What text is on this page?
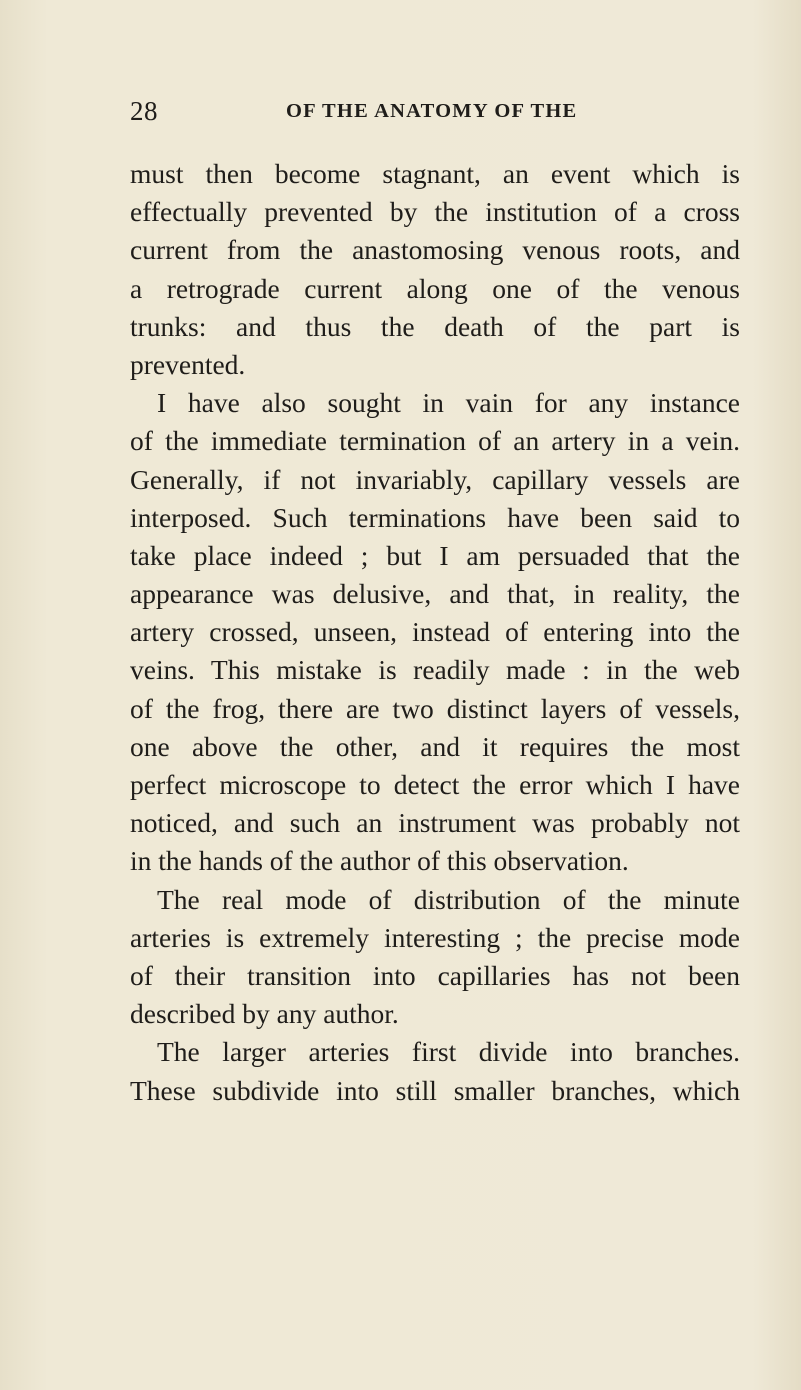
28	OF THE ANATOMY OF THE
must then become stagnant, an event which is
effectually prevented by the institution of a cross
current from the anastomosing venous roots, and
a retrograde current along one of the venous
trunks: and thus the death of the part is
prevented.
I have also sought in vain for any instance
of the immediate termination of an artery in a vein.
Generally, if not invariably, capillary vessels are
interposed. Such terminations have been said to
take place indeed ; but I am persuaded that the
appearance was delusive, and that, in reality, the
artery crossed, unseen, instead of entering into the
veins. This mistake is readily made : in the web
of the frog, there are two distinct layers of vessels,
one above the other, and it requires the most
perfect microscope to detect the error which I have
noticed, and such an instrument was probably not
in the hands of the author of this observation.
The real mode of distribution of the minute
arteries is extremely interesting ; the precise mode
of their transition into capillaries has not been
described by any author.
The larger arteries first divide into branches.
These subdivide into still smaller branches, which
